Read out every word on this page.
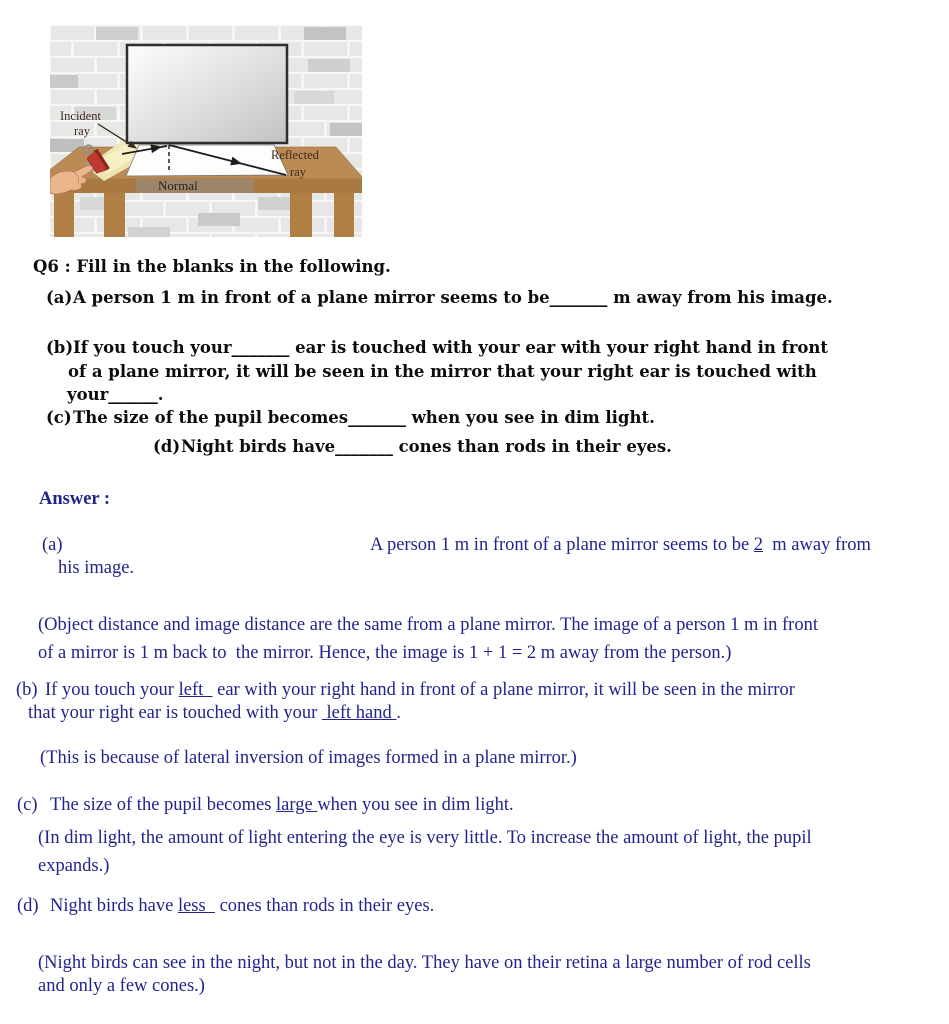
Incident
ray
Reflected
ray
Normal
Q6 : Fill in the blanks in the following.
(a) A person 1 m in front of a plane mirror seems to be_______ m away from his image.
(b) If you touch your_______ ear is touched with your ear with your right hand in front
of a plane mirror, it will be seen in the mirror that your right ear is touched with
your______.
(c) The size of the pupil becomes_______ when you see in dim light.
(d) Night birds have_______ cones than rods in their eyes.
Answer :
(a)	A person 1 m in front of a plane mirror seems to be 2  m away from
his image.
(Object distance and image distance are the same from a plane mirror. The image of a person 1 m in front
of a mirror is 1 m back to  the mirror. Hence, the image is 1 + 1 = 2 m away from the person.)
(b) If you touch your left   ear with your right hand in front of a plane mirror, it will be seen in the mirror
that your right ear is touched with your  left hand .
(This is because of lateral inversion of images formed in a plane mirror.)
(c) The size of the pupil becomes large when you see in dim light.
(In dim light, the amount of light entering the eye is very little. To increase the amount of light, the pupil
expands.)
(d) Night birds have less   cones than rods in their eyes.
(Night birds can see in the night, but not in the day. They have on their retina a large number of rod cells
and only a few cones.)
